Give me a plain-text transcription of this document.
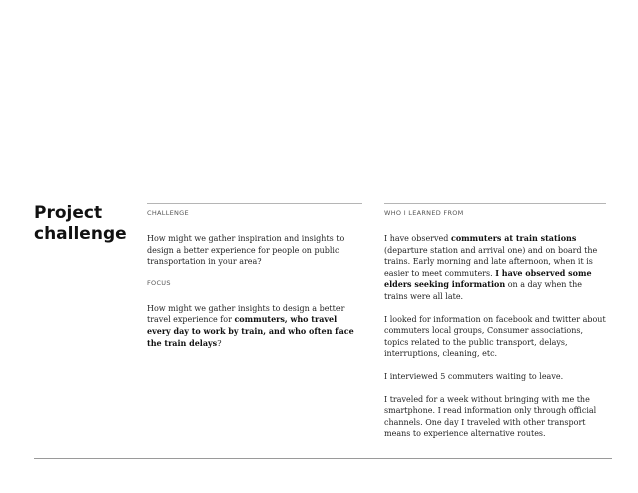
Project
challenge
CHALLENGE

How might we gather inspiration and insights to design a better experience for people on public transportation in your area?

FOCUS

How might we gather insights to design a better travel experience for commuters, who travel every day to work by train, and who often face the train delays?

WHO I LEARNED FROM

I have observed commuters at train stations (departure station and arrival one) and on board the trains. Early morning and late afternoon, when it is easier to meet commuters. I have observed some elders seeking information on a day when the trains were all late.

I looked for information on facebook and twitter about commuters local groups, Consumer associations, topics related to the public transport, delays, interruptions, cleaning, etc.

I interviewed 5 commuters waiting to leave.

I traveled for a week without bringing with me the smartphone. I read information only through official channels. One day I traveled with other transport means to experience alternative routes.
